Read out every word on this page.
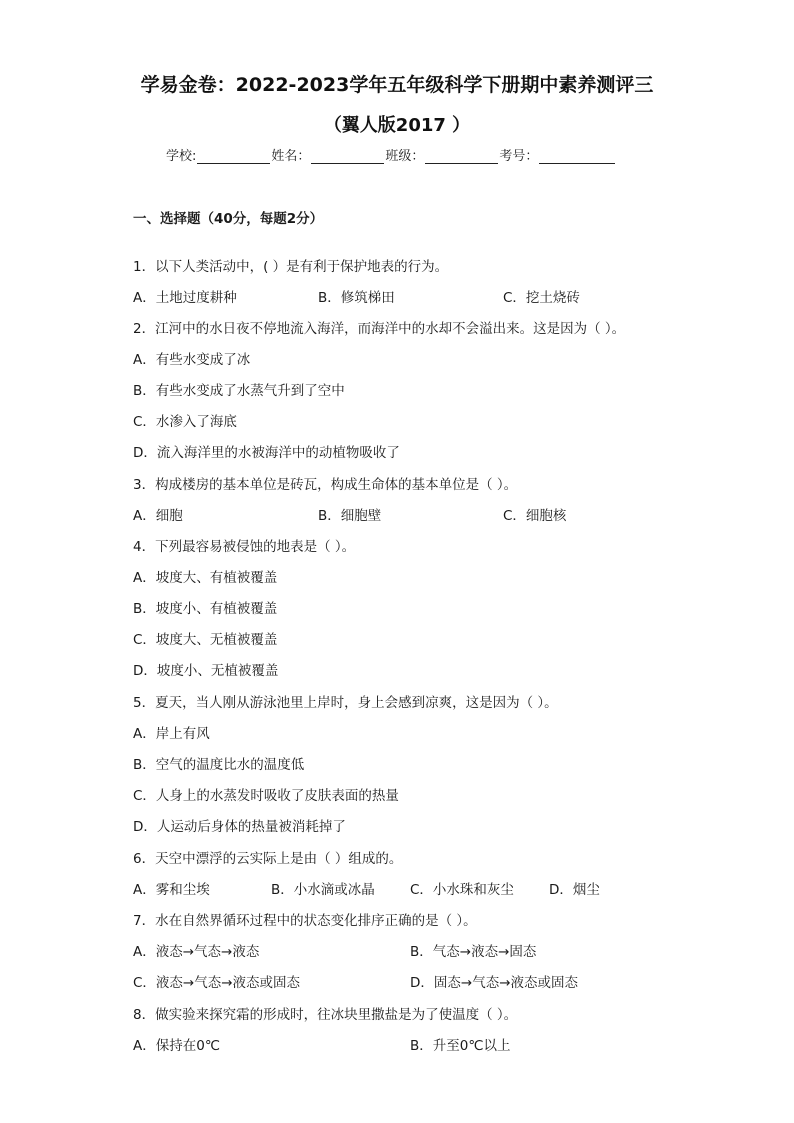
学易金卷：2022-2023学年五年级科学下册期中素养测评三
（翼人版2017 ）
学校:	姓名：	班级：	考号：
一、选择题（40分，每题2分）
1．以下人类活动中，( ）是有利于保护地表的行为。
A．土地过度耕种	B．修筑梯田	C．挖土烧砖
2．江河中的水日夜不停地流入海洋，而海洋中的水却不会溢出来。这是因为（ ）。
A．有些水变成了冰
B．有些水变成了水蒸气升到了空中
C．水渗入了海底
D．流入海洋里的水被海洋中的动植物吸收了
3．构成楼房的基本单位是砖瓦，构成生命体的基本单位是（ ）。
A．细胞	B．细胞壁	C．细胞核
4．下列最容易被侵蚀的地表是（ ）。
A．坡度大、有植被覆盖
B．坡度小、有植被覆盖
C．坡度大、无植被覆盖
D．坡度小、无植被覆盖
5．夏天，当人刚从游泳池里上岸时，身上会感到凉爽，这是因为（ ）。
A．岸上有风
B．空气的温度比水的温度低
C．人身上的水蒸发时吸收了皮肤表面的热量
D．人运动后身体的热量被消耗掉了
6．天空中漂浮的云实际上是由（ ）组成的。
A．雾和尘埃	B．小水滴或冰晶	C．小水珠和灰尘	D．烟尘
7．水在自然界循环过程中的状态变化排序正确的是（ ）。
A．液态→气态→液态	B．气态→液态→固态
C．液态→气态→液态或固态	D．固态→气态→液态或固态
8．做实验来探究霜的形成时，往冰块里撒盐是为了使温度（ ）。
A．保持在0℃	B．升至0℃以上
